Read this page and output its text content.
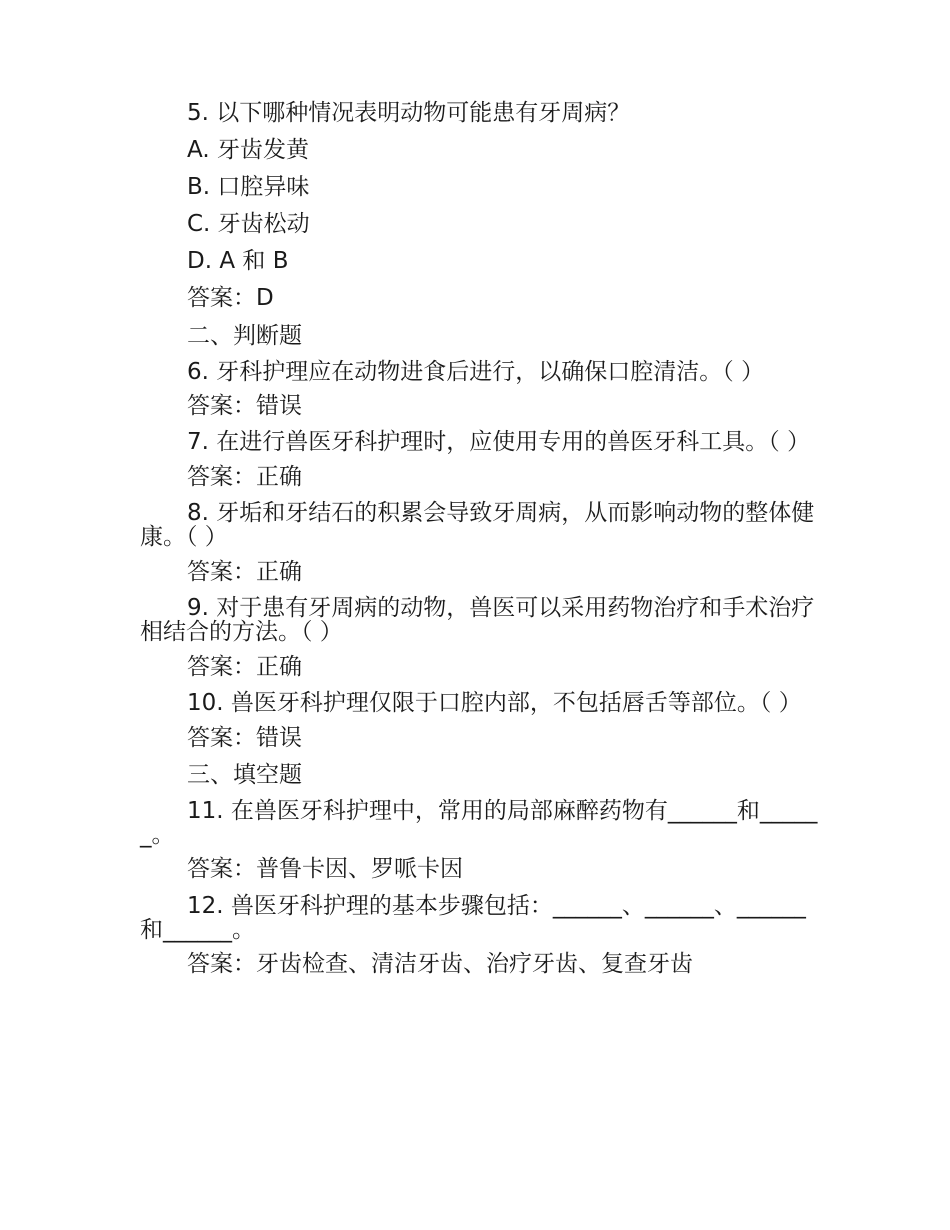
5. 以下哪种情况表明动物可能患有牙周病？

A. 牙齿发黄

B. 口腔异味

C. 牙齿松动

D. A 和 B

答案：D

二、判断题

6. 牙科护理应在动物进食后进行，以确保口腔清洁。（ ）

答案：错误

7. 在进行兽医牙科护理时，应使用专用的兽医牙科工具。（ ）

答案：正确

8. 牙垢和牙结石的积累会导致牙周病，从而影响动物的整体健康。（ ）

答案：正确

9. 对于患有牙周病的动物，兽医可以采用药物治疗和手术治疗相结合的方法。（ ）

答案：正确

10. 兽医牙科护理仅限于口腔内部，不包括唇舌等部位。（ ）

答案：错误

三、填空题

11. 在兽医牙科护理中，常用的局部麻醉药物有______和______。

答案：普鲁卡因、罗哌卡因

12. 兽医牙科护理的基本步骤包括：______、______、______和______。

答案：牙齿检查、清洁牙齿、治疗牙齿、复查牙齿
